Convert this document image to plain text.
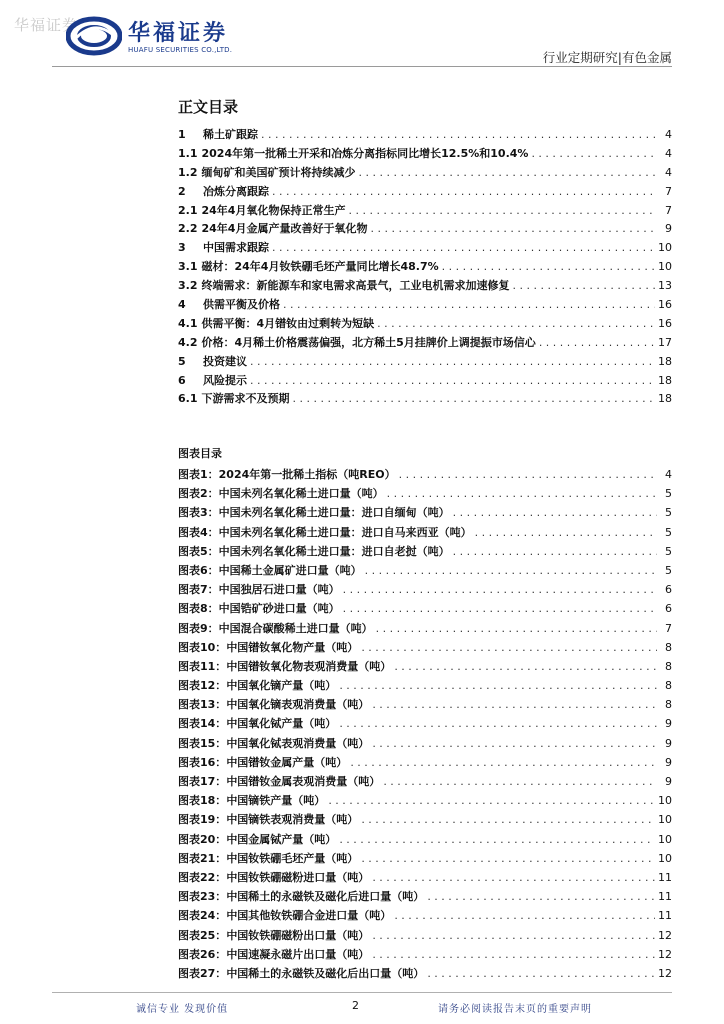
华福证券 华福证券
HUAFU SECURITIES CO.,LTD.	行业定期研究|有色金属
正文目录
1	稀土矿跟踪 . . .	4
1.1 2024年第一批稀土开采和冶炼分离指标同比增长12.5%和10.4% . . .	4
1.2 缅甸矿和美国矿预计将持续减少 . . .	4
2	冶炼分离跟踪 . . .	7
2.1 24年4月氧化物保持正常生产 . . .	7
2.2 24年4月金属产量改善好于氧化物 . . .	9
3	中国需求跟踪 . . .	10
3.1 磁材：24年4月钕铁硼毛坯产量同比增长48.7% . . .	10
3.2 终端需求：新能源车和家电需求高景气，工业电机需求加速修复 . . .	13
4	供需平衡及价格 . . .	16
4.1 供需平衡：4月镨钕由过剩转为短缺 . . .	16
4.2 价格：4月稀土价格震荡偏强，北方稀土5月挂牌价上调提振市场信心 . . .	17
5	投资建议 . . .	18
6	风险提示 . . .	18
6.1 下游需求不及预期 . . .	18
图表目录
图表1： 2024年第一批稀土指标（吨REO） . . .	4
图表2： 中国未列名氧化稀土进口量（吨） . . .	5
图表3： 中国未列名氧化稀土进口量：进口自缅甸（吨） . . .	5
图表4： 中国未列名氧化稀土进口量：进口自马来西亚（吨） . . .	5
图表5： 中国未列名氧化稀土进口量：进口自老挝（吨） . . .	5
图表6： 中国稀土金属矿进口量（吨） . . .	5
图表7： 中国独居石进口量（吨） . . .	6
图表8： 中国锆矿砂进口量（吨） . . .	6
图表9： 中国混合碳酸稀土进口量（吨） . . .	7
图表10： 中国镨钕氧化物产量（吨） . . .	8
图表11： 中国镨钕氧化物表观消费量（吨） . . .	8
图表12： 中国氧化镝产量（吨） . . .	8
图表13： 中国氧化镝表观消费量（吨） . . .	8
图表14： 中国氧化铽产量（吨） . . .	9
图表15： 中国氧化铽表观消费量（吨） . . .	9
图表16： 中国镨钕金属产量（吨） . . .	9
图表17： 中国镨钕金属表观消费量（吨） . . .	9
图表18： 中国镝铁产量（吨） . . .	10
图表19： 中国镝铁表观消费量（吨） . . .	10
图表20： 中国金属铽产量（吨） . . .	10
图表21： 中国钕铁硼毛坯产量（吨） . . .	10
图表22： 中国钕铁硼磁粉进口量（吨） . . .	11
图表23： 中国稀土的永磁铁及磁化后进口量（吨） . . .	11
图表24： 中国其他钕铁硼合金进口量（吨） . . .	11
图表25： 中国钕铁硼磁粉出口量（吨） . . .	12
图表26： 中国速凝永磁片出口量（吨） . . .	12
图表27： 中国稀土的永磁铁及磁化后出口量（吨） . . .	12
诚信专业 发现价值	2	请务必阅读报告末页的重要声明
